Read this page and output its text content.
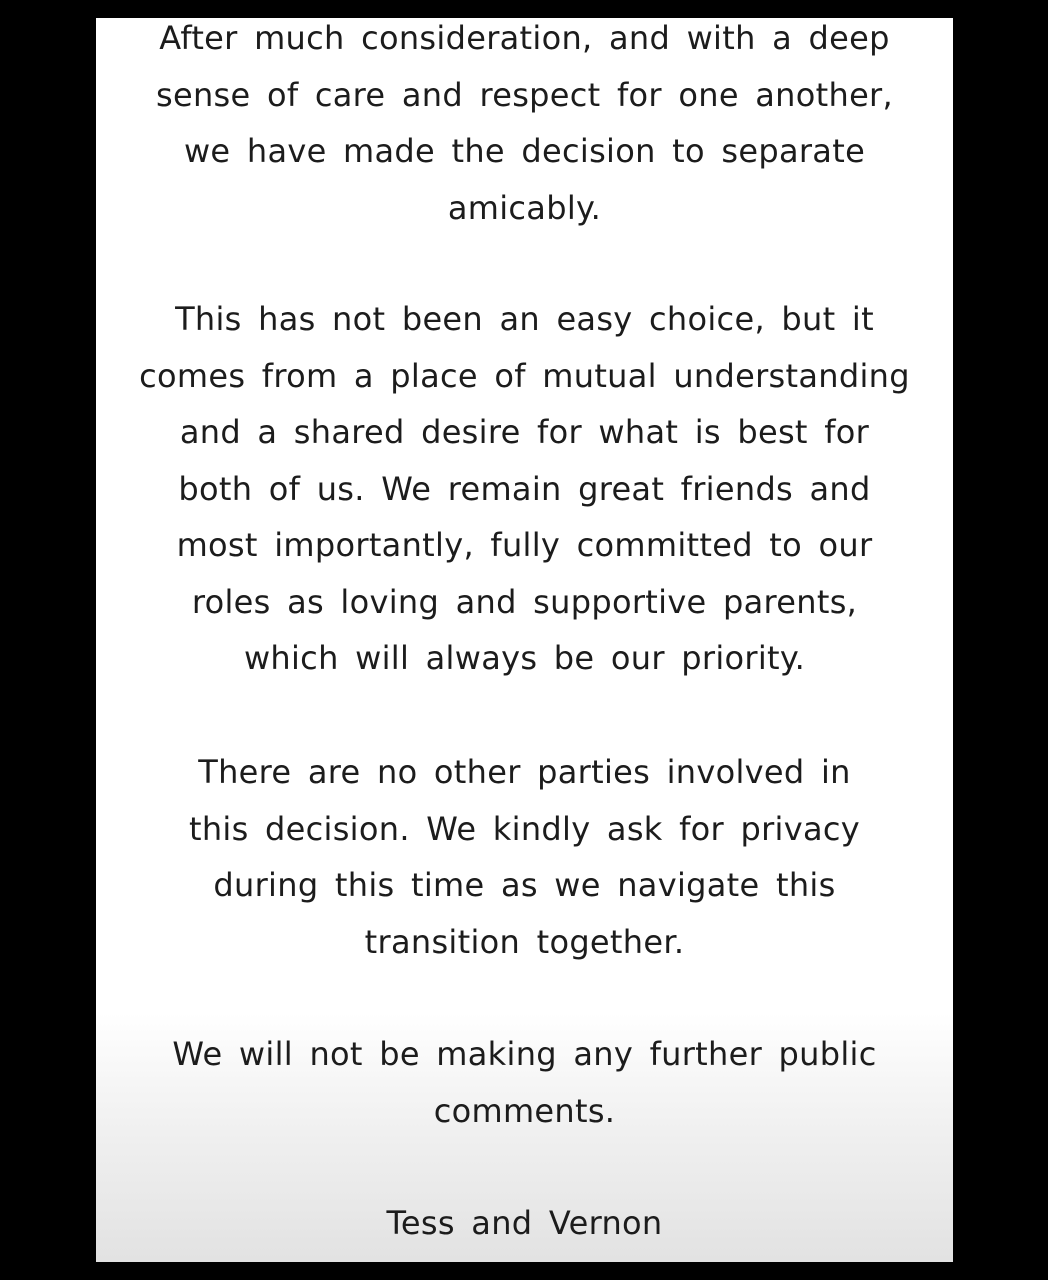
After much consideration, and with a deep
sense of care and respect for one another,
we have made the decision to separate
amicably.
This has not been an easy choice, but it
comes from a place of mutual understanding
and a shared desire for what is best for
both of us. We remain great friends and
most importantly, fully committed to our
roles as loving and supportive parents,
which will always be our priority.
There are no other parties involved in
this decision. We kindly ask for privacy
during this time as we navigate this
transition together.
We will not be making any further public
comments.
Tess and Vernon
